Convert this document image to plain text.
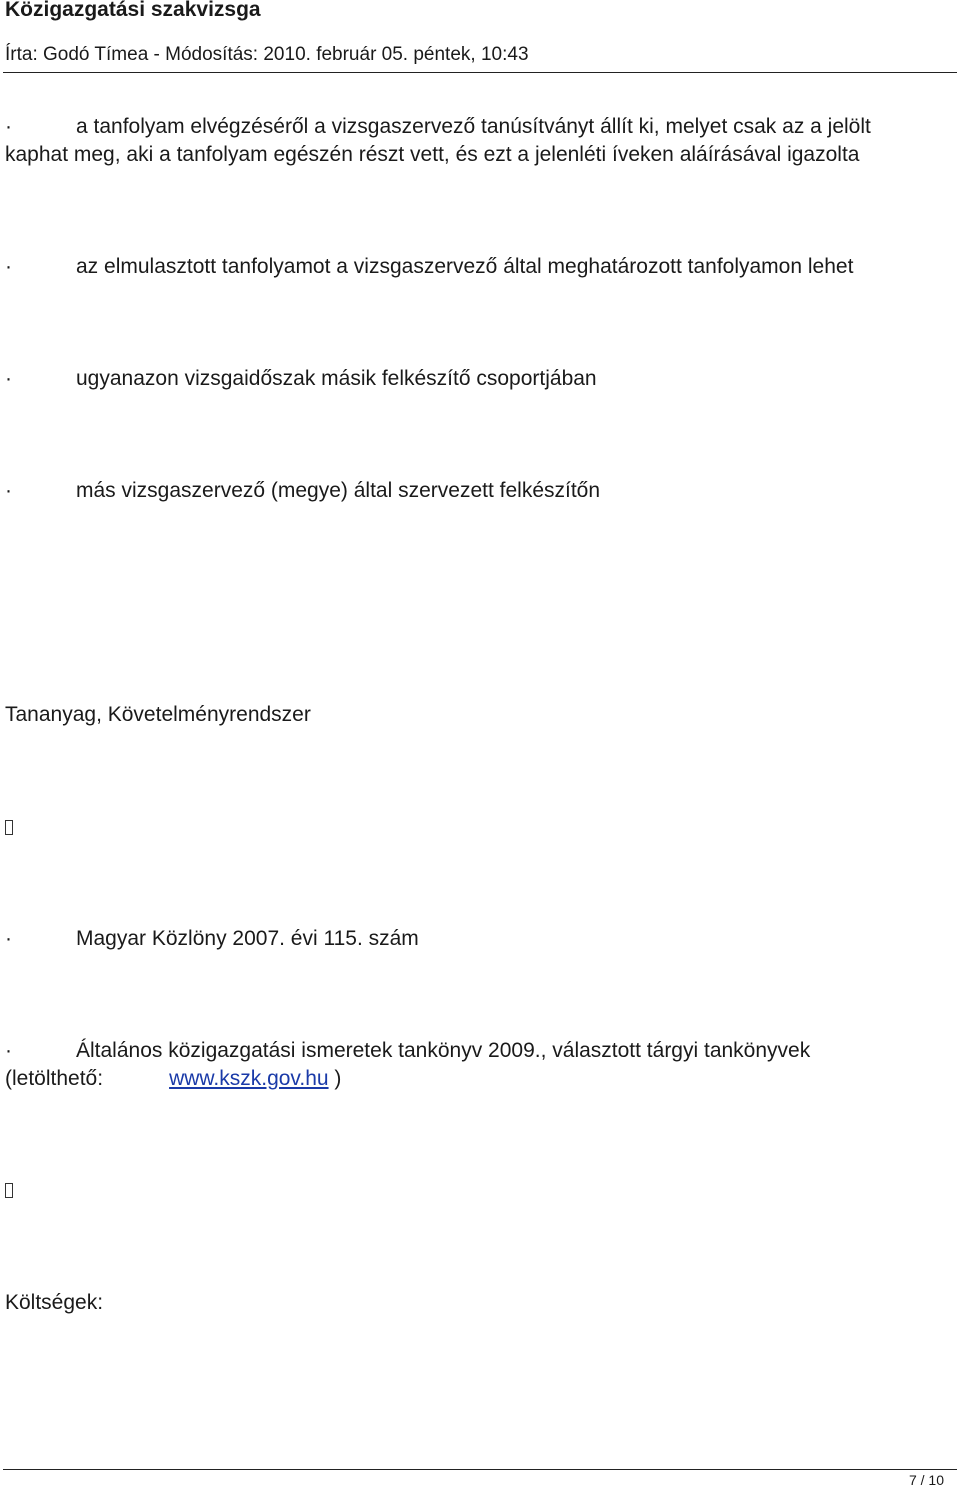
Közigazgatási szakvizsga
Írta: Godó Tímea - Módosítás: 2010. február 05. péntek, 10:43
·	a tanfolyam elvégzéséről a vizsgaszervező tanúsítványt állít ki, melyet csak az a jelölt
kaphat meg, aki a tanfolyam egészén részt vett, és ezt a jelenléti íveken aláírásával igazolta
·	az elmulasztott tanfolyamot a vizsgaszervező által meghatározott tanfolyamon lehet
·	ugyanazon vizsgaidőszak másik felkészítő csoportjában
·	más vizsgaszervező (megye) által szervezett felkészítőn
Tananyag, Követelményrendszer
·	Magyar Közlöny 2007. évi 115. szám
·	Általános közigazgatási ismeretek tankönyv 2009., választott tárgyi tankönyvek
(letölthető:	www.kszk.gov.hu )
Költségek:
7 / 10
